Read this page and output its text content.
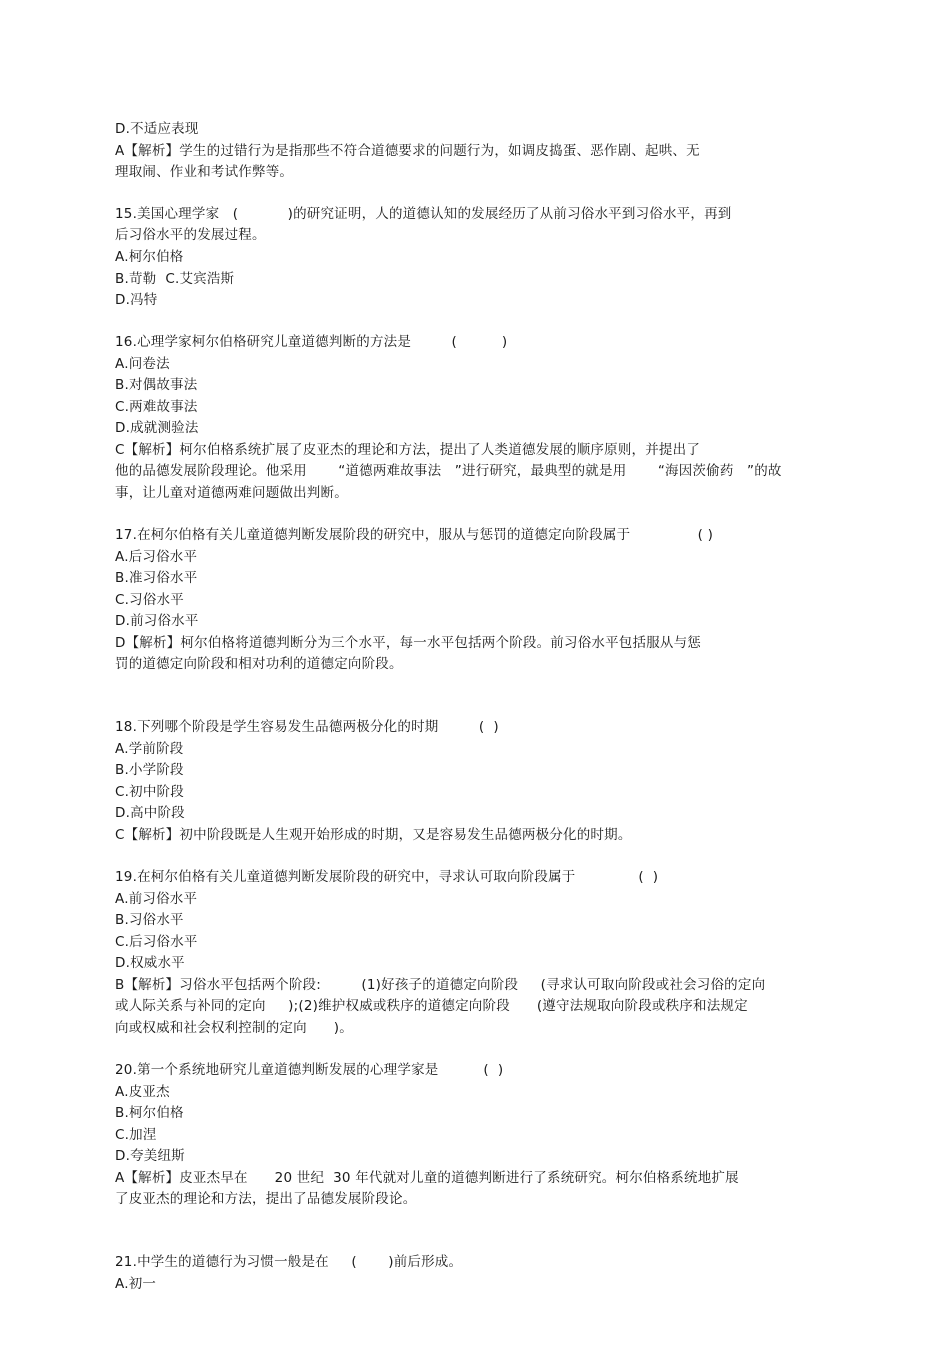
D.不适应表现
A【解析】学生的过错行为是指那些不符合道德要求的问题行为，如调皮捣蛋、恶作剧、起哄、无
理取闹、作业和考试作弊等。
15.美国心理学家   (           )的研究证明，人的道德认知的发展经历了从前习俗水平到习俗水平，再到
后习俗水平的发展过程。
A.柯尔伯格
B.苛勒  C.艾宾浩斯
D.冯特
16.心理学家柯尔伯格研究儿童道德判断的方法是         (          )
A.问卷法
B.对偶故事法
C.两难故事法
D.成就测验法
C【解析】柯尔伯格系统扩展了皮亚杰的理论和方法，提出了人类道德发展的顺序原则，并提出了
他的品德发展阶段理论。他采用       “道德两难故事法   ”进行研究，最典型的就是用       “海因茨偷药   ”的故
事，让儿童对道德两难问题做出判断。
17.在柯尔伯格有关儿童道德判断发展阶段的研究中，服从与惩罚的道德定向阶段属于               ( )
A.后习俗水平
B.准习俗水平
C.习俗水平
D.前习俗水平
D【解析】柯尔伯格将道德判断分为三个水平，每一水平包括两个阶段。前习俗水平包括服从与惩
罚的道德定向阶段和相对功利的道德定向阶段。
18.下列哪个阶段是学生容易发生品德两极分化的时期         (  )
A.学前阶段
B.小学阶段
C.初中阶段
D.高中阶段
C【解析】初中阶段既是人生观开始形成的时期，又是容易发生品德两极分化的时期。
19.在柯尔伯格有关儿童道德判断发展阶段的研究中，寻求认可取向阶段属于              (  )
A.前习俗水平
B.习俗水平
C.后习俗水平
D.权威水平
B【解析】习俗水平包括两个阶段:         (1)好孩子的道德定向阶段     (寻求认可取向阶段或社会习俗的定向
或人际关系与补同的定向     );(2)维护权威或秩序的道德定向阶段      (遵守法规取向阶段或秩序和法规定
向或权威和社会权利控制的定向      )。
20.第一个系统地研究儿童道德判断发展的心理学家是          (  )
A.皮亚杰
B.柯尔伯格
C.加涅
D.夸美纽斯
A【解析】皮亚杰早在      20 世纪  30 年代就对儿童的道德判断进行了系统研究。柯尔伯格系统地扩展
了皮亚杰的理论和方法，提出了品德发展阶段论。
21.中学生的道德行为习惯一般是在     (       )前后形成。
A.初一
